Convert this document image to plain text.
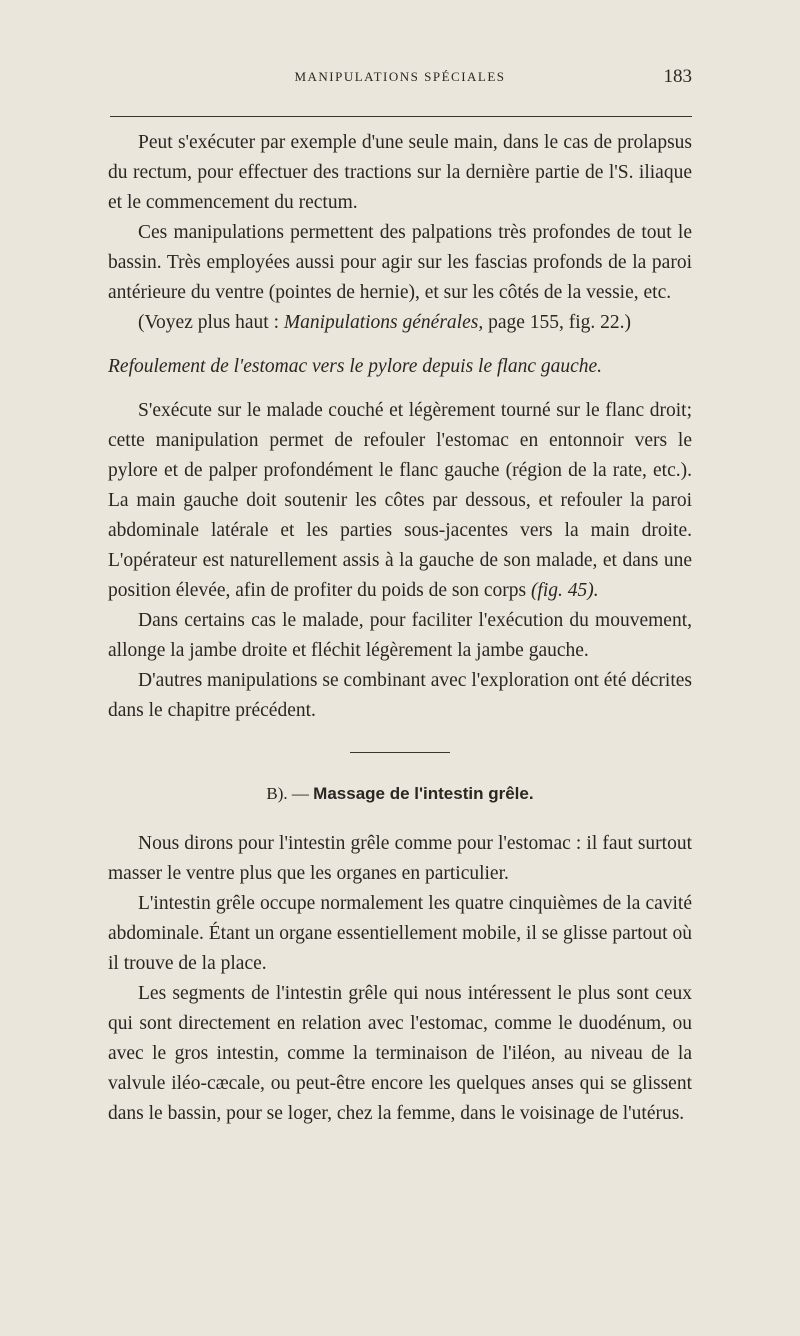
MANIPULATIONS SPÉCIALES	183

Peut s'exécuter par exemple d'une seule main, dans le cas de prolapsus du rectum, pour effectuer des tractions sur la dernière partie de l'S. iliaque et le commencement du rectum.

Ces manipulations permettent des palpations très profondes de tout le bassin. Très employées aussi pour agir sur les fascias profonds de la paroi antérieure du ventre (pointes de hernie), et sur les côtés de la vessie, etc.

(Voyez plus haut : Manipulations générales, page 155, fig. 22.)

Refoulement de l'estomac vers le pylore depuis le flanc gauche.

S'exécute sur le malade couché et légèrement tourné sur le flanc droit; cette manipulation permet de refouler l'estomac en entonnoir vers le pylore et de palper profondément le flanc gauche (région de la rate, etc.). La main gauche doit soutenir les côtes par dessous, et refouler la paroi abdominale latérale et les parties sous-jacentes vers la main droite. L'opérateur est naturellement assis à la gauche de son malade, et dans une position élevée, afin de profiter du poids de son corps (fig. 45).

Dans certains cas le malade, pour faciliter l'exécution du mouvement, allonge la jambe droite et fléchit légèrement la jambe gauche.

D'autres manipulations se combinant avec l'exploration ont été décrites dans le chapitre précédent.

B). — Massage de l'intestin grêle.

Nous dirons pour l'intestin grêle comme pour l'estomac : il faut surtout masser le ventre plus que les organes en particulier.

L'intestin grêle occupe normalement les quatre cinquièmes de la cavité abdominale. Étant un organe essentiellement mobile, il se glisse partout où il trouve de la place.

Les segments de l'intestin grêle qui nous intéressent le plus sont ceux qui sont directement en relation avec l'estomac, comme le duodénum, ou avec le gros intestin, comme la terminaison de l'iléon, au niveau de la valvule iléo-cæcale, ou peut-être encore les quelques anses qui se glissent dans le bassin, pour se loger, chez la femme, dans le voisinage de l'utérus.
